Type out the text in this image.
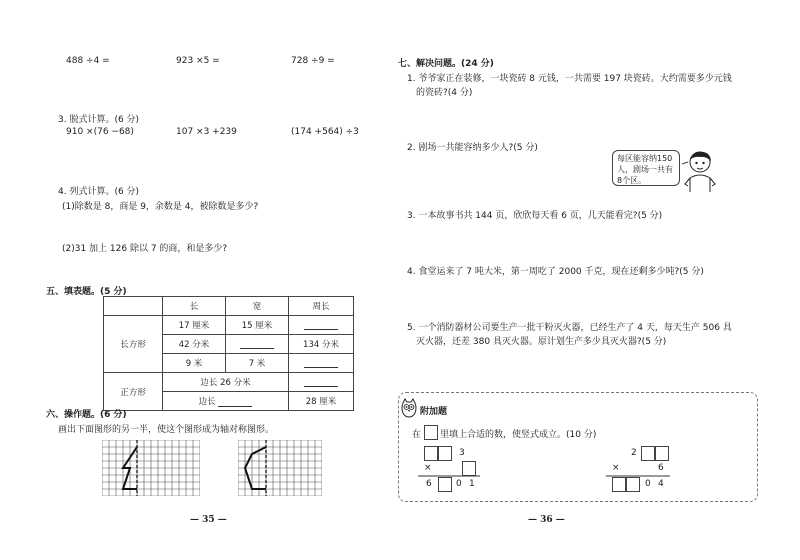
488 ÷4 =	923 ×5 =	728 ÷9 =
3. 脱式计算。(6 分)
910 ×(76 −68)	107 ×3 +239	(174 +564) ÷3
4. 列式计算。(6 分)
(1)除数是 8，商是 9，余数是 4，被除数是多少?
(2)31 加上 126 除以 7 的商，和是多少?
五、填表题。(5 分)
	长	宽	周长
长方形	17 厘米	15 厘米	
	42 分米		134 分米
	9 米	7 米	
正方形	边长 26 分米		
	边长		28 厘米
六、操作题。(6 分)
画出下面图形的另一半，使这个图形成为轴对称图形。
— 35 —
七、解决问题。(24 分)
1. 爷爷家正在装修，一块瓷砖 8 元钱，一共需要 197 块瓷砖。大约需要多少元钱
的瓷砖?(4 分)
2. 剧场一共能容纳多少人?(5 分)
每区能容纳150人，剧场一共有8个区。
3. 一本故事书共 144 页，欣欣每天看 6 页，几天能看完?(5 分)
4. 食堂运来了 7 吨大米，第一周吃了 2000 千克，现在还剩多少吨?(5 分)
5. 一个消防器材公司要生产一批干粉灭火器，已经生产了 4 天，每天生产 506 具
灭火器，还差 380 具灭火器。原计划生产多少具灭火器?(5 分)
附加题
在 里填上合适的数，使竖式成立。(10 分)
3
×
6	0 1
2
×	6
0 4
— 36 —
